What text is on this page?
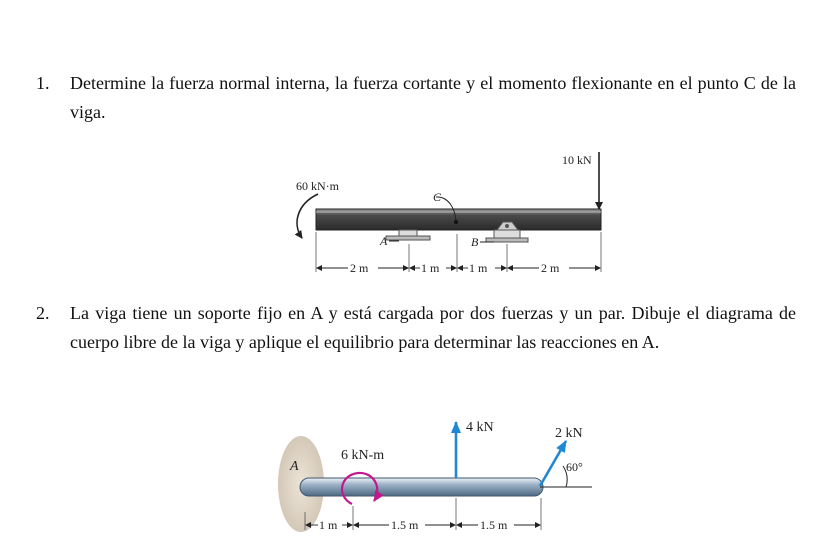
1. Determine la fuerza normal interna, la fuerza cortante y el momento flexionante en el punto C de la viga.
2. La viga tiene un soporte fijo en A y está cargada por dos fuerzas y un par. Dibuje el diagrama de cuerpo libre de la viga y aplique el equilibrio para determinar las reacciones en A.
10 kN
60 kN·m
C
A	B
2 m	1 m 1 m	2 m
A
6 kN-m
4 kN	2 kN
60°
1 m	1.5 m	1.5 m
